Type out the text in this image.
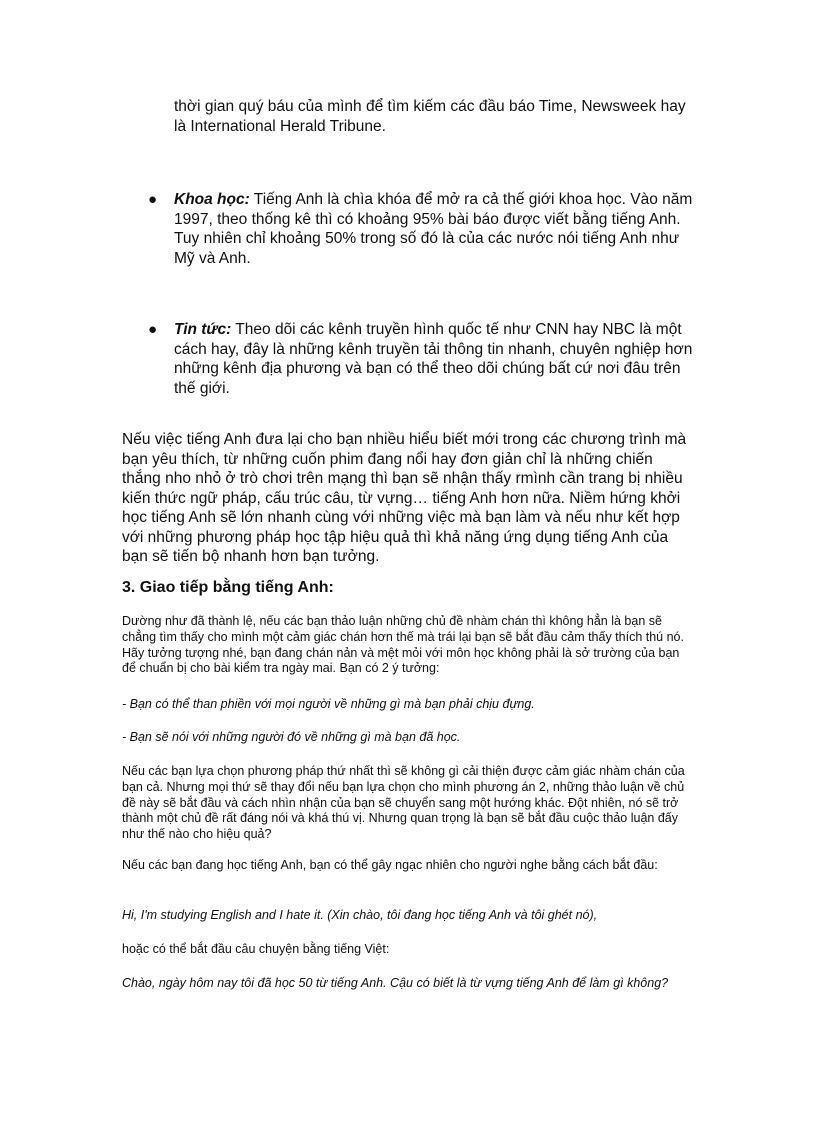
thời gian quý báu của mình để tìm kiếm các đầu báo Time, Newsweek hay là International Herald Tribune.

●	Khoa học: Tiếng Anh là chìa khóa để mở ra cả thế giới khoa học. Vào năm 1997, theo thống kê thì có khoảng 95% bài báo được viết bằng tiếng Anh. Tuy nhiên chỉ khoảng 50% trong số đó là của các nước nói tiếng Anh như Mỹ và Anh.

●	Tin tức: Theo dõi các kênh truyền hình quốc tế như CNN hay NBC là một cách hay, đây là những kênh truyền tải thông tin nhanh, chuyên nghiệp hơn những kênh địa phương và bạn có thể theo dõi chúng bất cứ nơi đâu trên thế giới.

Nếu việc tiếng Anh đưa lại cho bạn nhiều hiểu biết mới trong các chương trình mà bạn yêu thích, từ những cuốn phim đang nổi hay đơn giản chỉ là những chiến thắng nho nhỏ ở trò chơi trên mạng thì bạn sẽ nhận thấy rmình cần trang bị nhiều kiến thức ngữ pháp, cấu trúc câu, từ vựng… tiếng Anh hơn nữa. Niềm hứng khởi học tiếng Anh sẽ lớn nhanh cùng với những việc mà bạn làm và nếu như kết hợp với những phương pháp học tập hiệu quả thì khả năng ứng dụng tiếng Anh của bạn sẽ tiến bộ nhanh hơn bạn tưởng.

3. Giao tiếp bằng tiếng Anh:

Dường như đã thành lệ, nếu các bạn thảo luận những chủ đề nhàm chán thì không hẳn là bạn sẽ chẳng tìm thấy cho mình một cảm giác chán hơn thế mà trái lại bạn sẽ bắt đầu cảm thấy thích thú nó. Hãy tưởng tượng nhé, bạn đang chán nản và mệt mỏi với môn học không phải là sở trường của bạn để chuẩn bị cho bài kiểm tra ngày mai. Bạn có 2 ý tưởng:

- Bạn có thể than phiền với mọi người về những gì mà bạn phải chịu đựng.

- Bạn sẽ nói với những người đó về những gì mà bạn đã học.

Nếu các bạn lựa chọn phương pháp thứ nhất thì sẽ không gì cải thiện được cảm giác nhàm chán của bạn cả. Nhưng mọi thứ sẽ thay đổi nếu bạn lựa chọn cho mình phương án 2, những thảo luận về chủ đề này sẽ bắt đầu và cách nhìn nhận của bạn sẽ chuyển sang một hướng khác. Đột nhiên, nó sẽ trở thành một chủ đề rất đáng nói và khá thú vị. Nhưng quan trọng là bạn sẽ bắt đầu cuộc thảo luận đấy như thế nào cho hiệu quả?

Nếu các bạn đang học tiếng Anh, bạn có thể gây ngạc nhiên cho người nghe bằng cách bắt đầu:

Hi, I'm studying English and I hate it. (Xin chào, tôi đang học tiếng Anh và tôi ghét nó),

hoặc có thể bắt đầu câu chuyện bằng tiếng Việt:

Chào, ngày hôm nay tôi đã học 50 từ tiếng Anh. Cậu có biết là từ vựng tiếng Anh để làm gì không?
